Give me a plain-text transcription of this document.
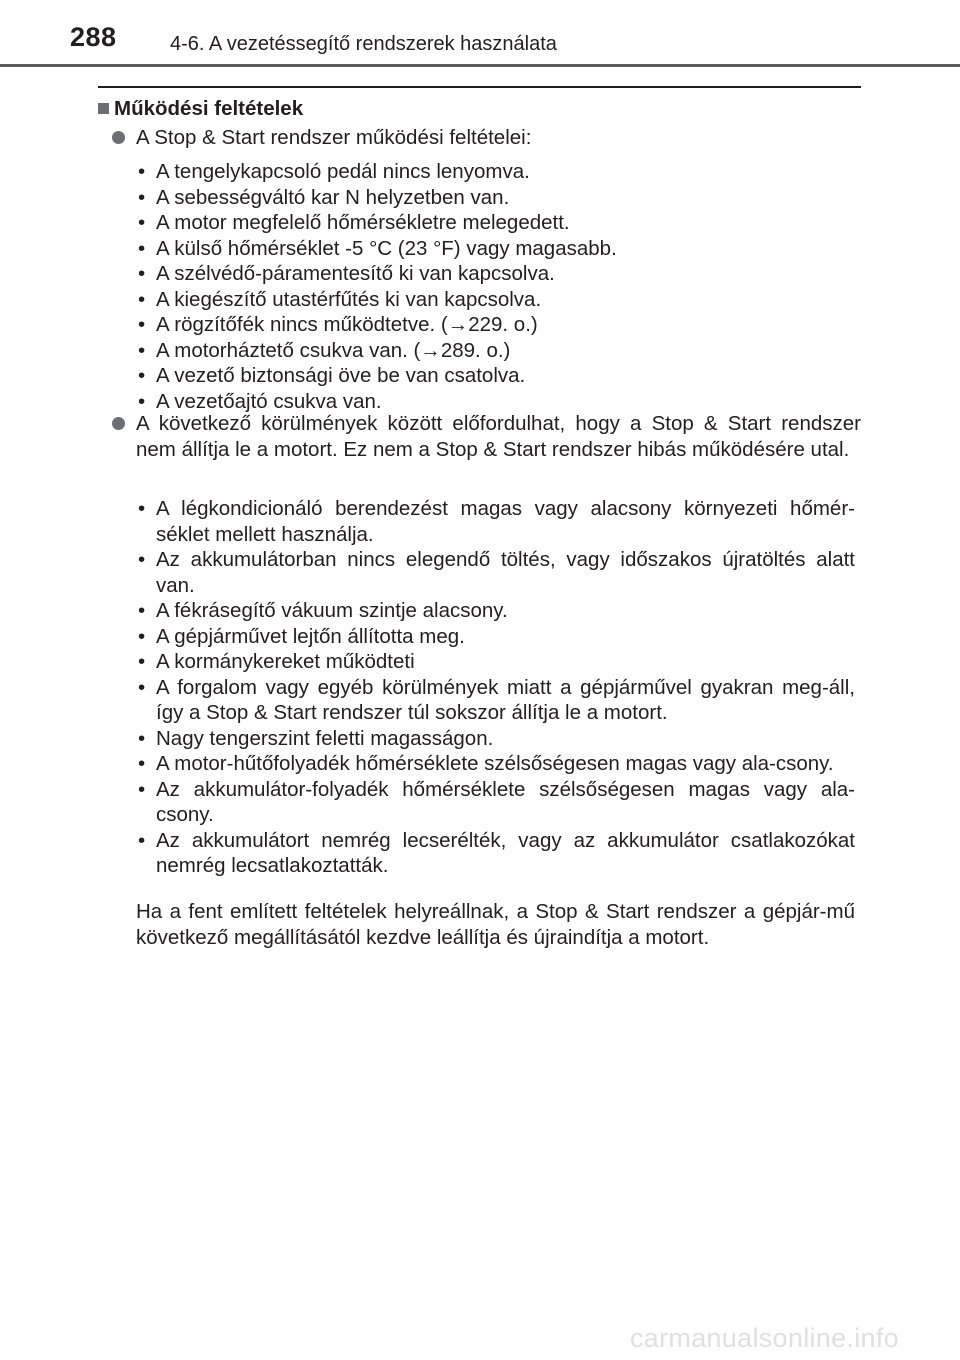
288	4-6. A vezetéssegítő rendszerek használata
Működési feltételek
A Stop & Start rendszer működési feltételei:
• A tengelykapcsoló pedál nincs lenyomva.
• A sebességváltó kar N helyzetben van.
• A motor megfelelő hőmérsékletre melegedett.
• A külső hőmérséklet -5 °C (23 °F) vagy magasabb.
• A szélvédő-páramentesítő ki van kapcsolva.
• A kiegészítő utastérfűtés ki van kapcsolva.
• A rögzítőfék nincs működtetve. (→229. o.)
• A motorháztető csukva van. (→289. o.)
• A vezető biztonsági öve be van csatolva.
• A vezetőajtó csukva van.
A következő körülmények között előfordulhat, hogy a Stop & Start rendszer nem állítja le a motort. Ez nem a Stop & Start rendszer hibás működésére utal.
• A légkondicionáló berendezést magas vagy alacsony környezeti hőmér-séklet mellett használja.
• Az akkumulátorban nincs elegendő töltés, vagy időszakos újratöltés alatt van.
• A fékrásegítő vákuum szintje alacsony.
• A gépjárművet lejtőn állította meg.
• A kormánykereket működteti
• A forgalom vagy egyéb körülmények miatt a gépjárművel gyakran meg-áll, így a Stop & Start rendszer túl sokszor állítja le a motort.
• Nagy tengerszint feletti magasságon.
• A motor-hűtőfolyadék hőmérséklete szélsőségesen magas vagy ala-csony.
• Az akkumulátor-folyadék hőmérséklete szélsőségesen magas vagy ala-csony.
• Az akkumulátort nemrég lecserélték, vagy az akkumulátor csatlakozókat nemrég lecsatlakoztatták.
Ha a fent említett feltételek helyreállnak, a Stop & Start rendszer a gépjár-mű következő megállításától kezdve leállítja és újraindítja a motort.
carmanualsonline.info
